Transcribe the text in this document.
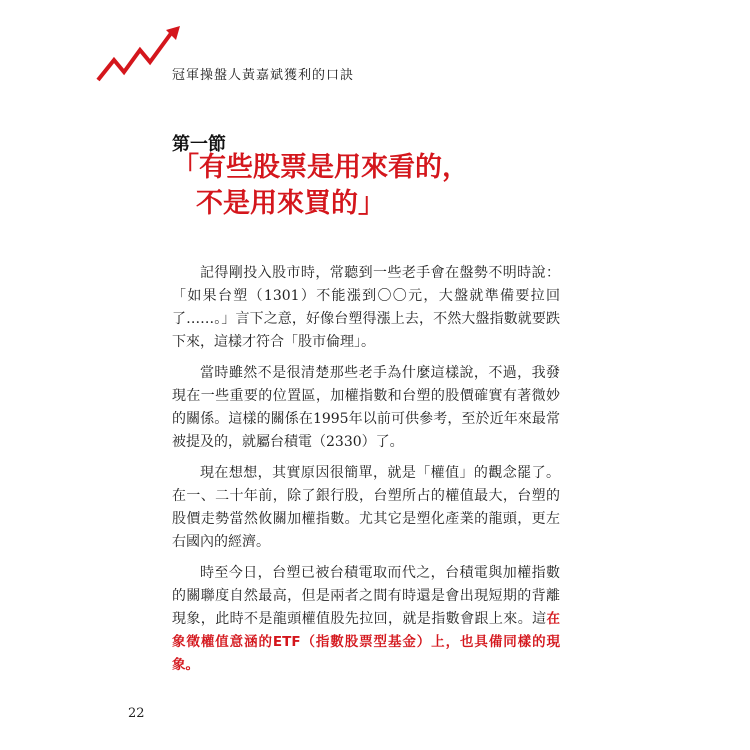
冠軍操盤人黃嘉斌獲利的口訣
第一節
「有些股票是用來看的，
不是用來買的」

記得剛投入股市時，常聽到一些老手會在盤勢不明時說：「如果台塑（1301）不能漲到〇〇元，大盤就準備要拉回了……。」言下之意，好像台塑得漲上去，不然大盤指數就要跌下來，這樣才符合「股市倫理」。

當時雖然不是很清楚那些老手為什麼這樣說，不過，我發現在一些重要的位置區，加權指數和台塑的股價確實有著微妙的關係。這樣的關係在1995年以前可供參考，至於近年來最常被提及的，就屬台積電（2330）了。

現在想想，其實原因很簡單，就是「權值」的觀念罷了。在一、二十年前，除了銀行股，台塑所占的權值最大，台塑的股價走勢當然攸關加權指數。尤其它是塑化產業的龍頭，更左右國內的經濟。

時至今日，台塑已被台積電取而代之，台積電與加權指數的關聯度自然最高，但是兩者之間有時還是會出現短期的背離現象，此時不是龍頭權值股先拉回，就是指數會跟上來。這在象徵權值意涵的ETF（指數股票型基金）上，也具備同樣的現象。

22
